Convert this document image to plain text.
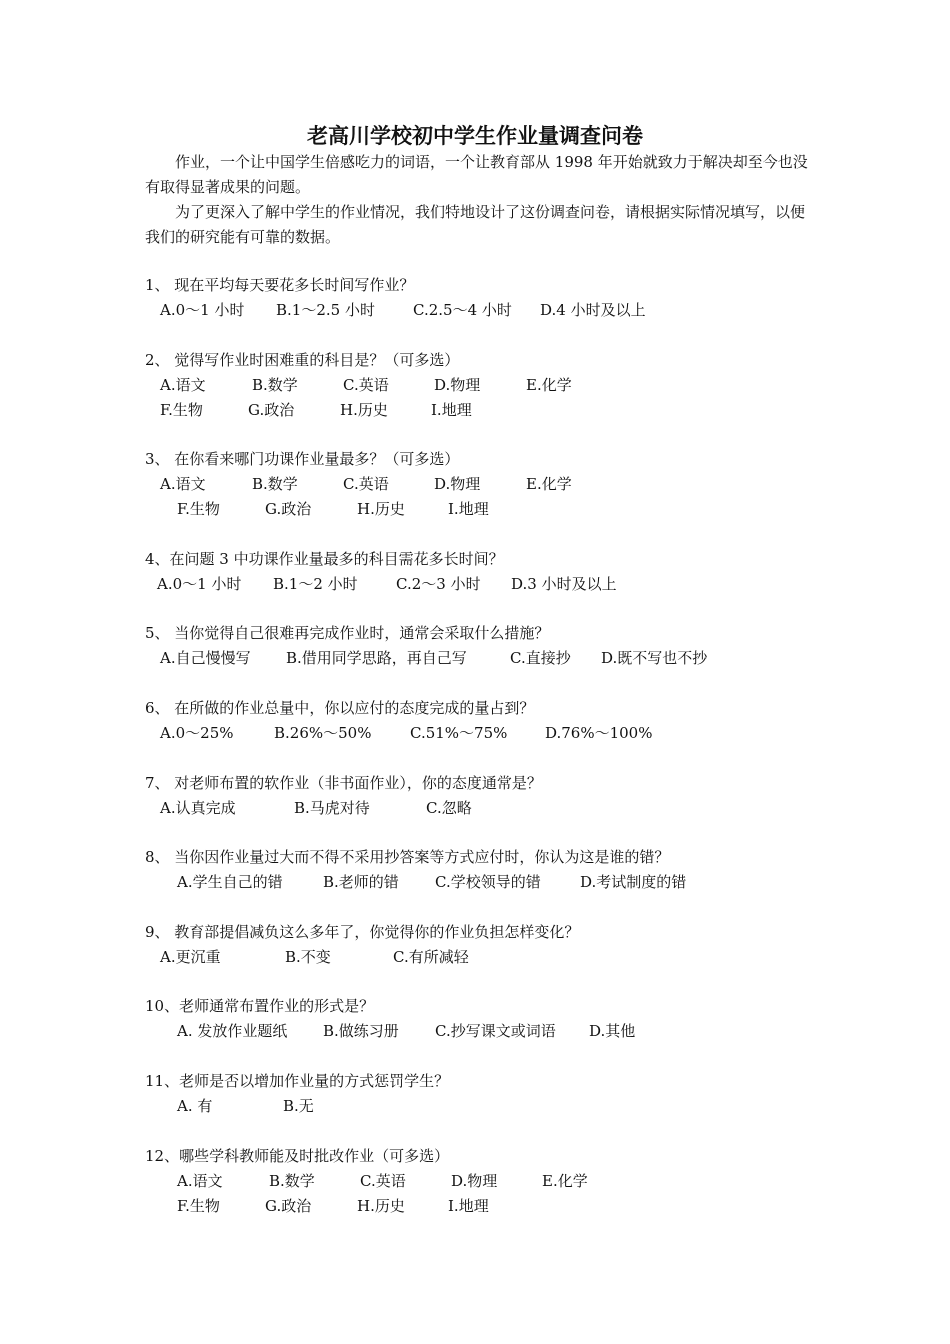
老高川学校初中学生作业量调查问卷

作业，一个让中国学生倍感吃力的词语，一个让教育部从 1998 年开始就致力于解决却至今也没有取得显著成果的问题。

为了更深入了解中学生的作业情况，我们特地设计了这份调查问卷，请根据实际情况填写，以便我们的研究能有可靠的数据。

1、 现在平均每天要花多长时间写作业？

A.0～1 小时 B.1～2.5 小时	C.2.5～4 小时 D.4 小时及以上

2、 觉得写作业时困难重的科目是？（可多选）

A.语文	B.数学	C.英语	D.物理	E.化学
F.生物	G.政治	H.历史	I.地理

3、 在你看来哪门功课作业量最多？（可多选）

A.语文	B.数学	C.英语	D.物理	E.化学
F.生物	G.政治	H.历史	I.地理

4、在问题 3 中功课作业量最多的科目需花多长时间？

A.0～1 小时 B.1～2 小时	C.2～3 小时 D.3 小时及以上

5、 当你觉得自己很难再完成作业时，通常会采取什么措施？

A.自己慢慢写 B.借用同学思路，再自己写	C.直接抄 D.既不写也不抄

6、 在所做的作业总量中，你以应付的态度完成的量占到？

A.0～25%	B.26%～50%	C.51%～75%	D.76%～100%

7、 对老师布置的软作业（非书面作业），你的态度通常是？

A.认真完成	B.马虎对待	C.忽略

8、 当你因作业量过大而不得不采用抄答案等方式应付时，你认为这是谁的错？

A.学生自己的错	B.老师的错 C.学校领导的错	D.考试制度的错

9、 教育部提倡减负这么多年了，你觉得你的作业负担怎样变化？

A.更沉重	B.不变	C.有所减轻

10、老师通常布置作业的形式是？

A. 发放作业题纸 B.做练习册 C.抄写课文或词语 D.其他

11、老师是否以增加作业量的方式惩罚学生？

A. 有	B.无

12、哪些学科教师能及时批改作业（可多选）

A.语文	B.数学	C.英语	D.物理	E.化学
F.生物	G.政治	H.历史	I.地理
